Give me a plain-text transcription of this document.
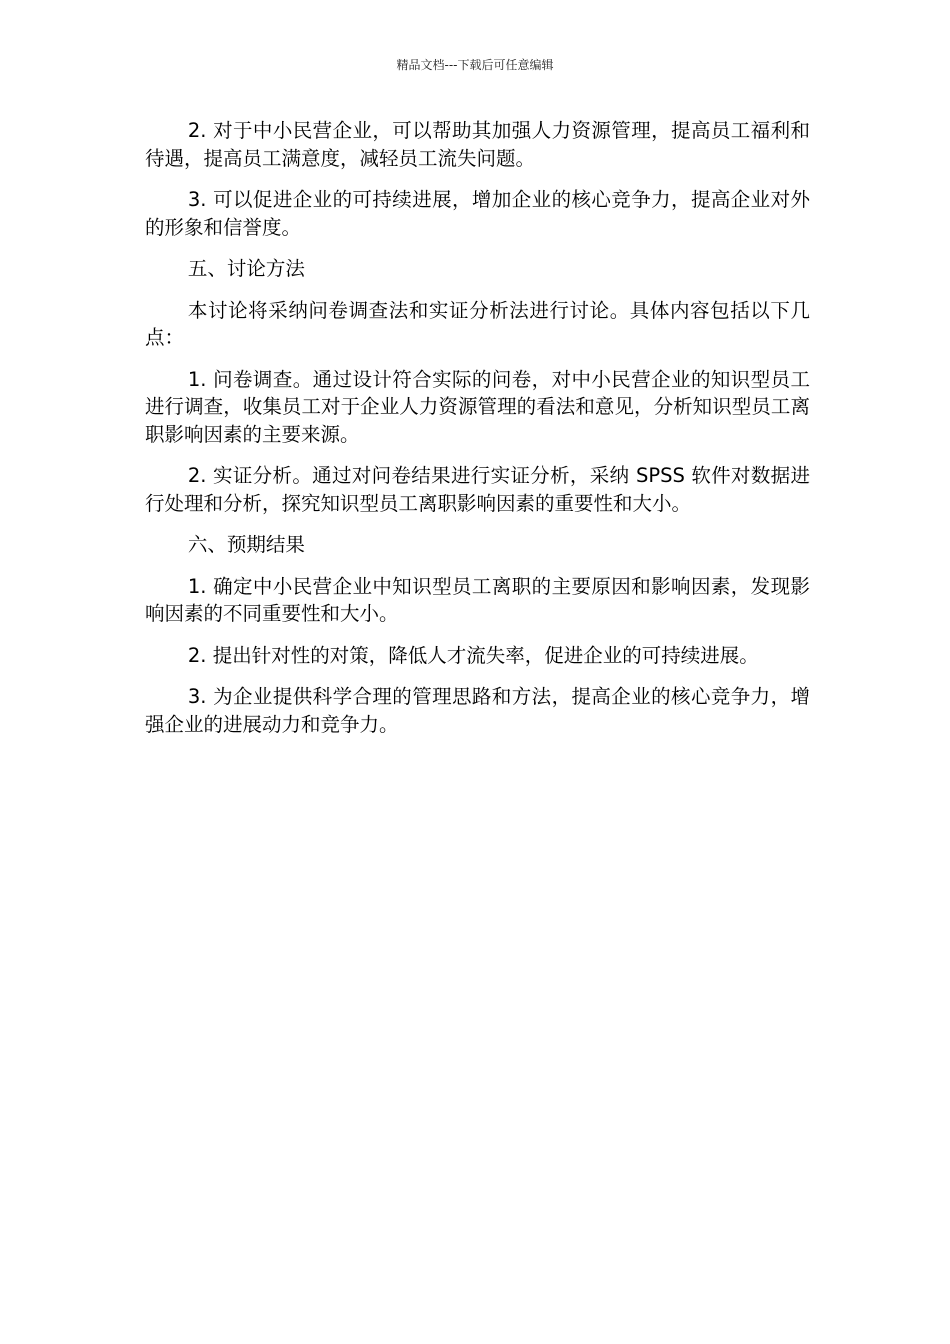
精品文档---下载后可任意编辑

2. 对于中小民营企业，可以帮助其加强人力资源管理，提高员工福利和待遇，提高员工满意度，减轻员工流失问题。

3. 可以促进企业的可持续进展，增加企业的核心竞争力，提高企业对外的形象和信誉度。

五、讨论方法

本讨论将采纳问卷调查法和实证分析法进行讨论。具体内容包括以下几点：

1. 问卷调查。通过设计符合实际的问卷，对中小民营企业的知识型员工进行调查，收集员工对于企业人力资源管理的看法和意见，分析知识型员工离职影响因素的主要来源。

2. 实证分析。通过对问卷结果进行实证分析，采纳 SPSS 软件对数据进行处理和分析，探究知识型员工离职影响因素的重要性和大小。

六、预期结果

1. 确定中小民营企业中知识型员工离职的主要原因和影响因素，发现影响因素的不同重要性和大小。

2. 提出针对性的对策，降低人才流失率，促进企业的可持续进展。

3. 为企业提供科学合理的管理思路和方法，提高企业的核心竞争力，增强企业的进展动力和竞争力。
